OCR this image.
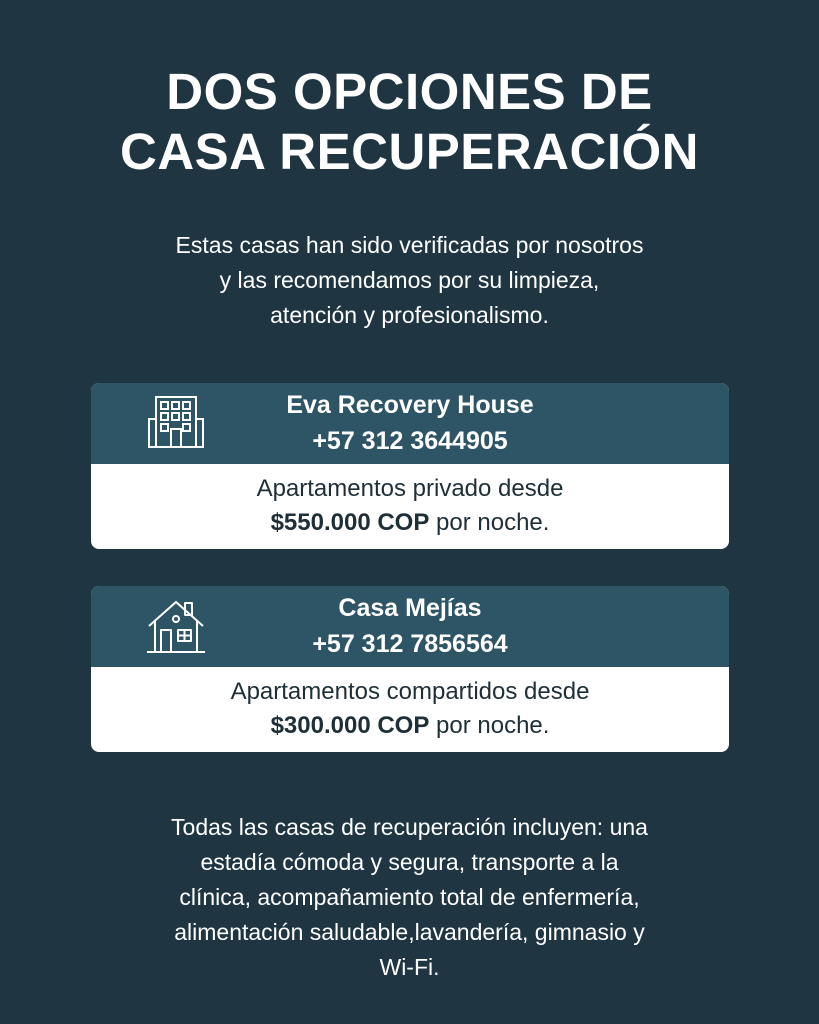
DOS OPCIONES DE
CASA RECUPERACIÓN
Estas casas han sido verificadas por nosotros
y las recomendamos por su limpieza,
atención y profesionalismo.
Eva Recovery House
+57 312 3644905
Apartamentos privado desde
$550.000 COP por noche.
Casa Mejías
+57 312 7856564
Apartamentos compartidos desde
$300.000 COP por noche.
Todas las casas de recuperación incluyen: una
estadía cómoda y segura, transporte a la
clínica, acompañamiento total de enfermería,
alimentación saludable,lavandería, gimnasio y
Wi-Fi.
